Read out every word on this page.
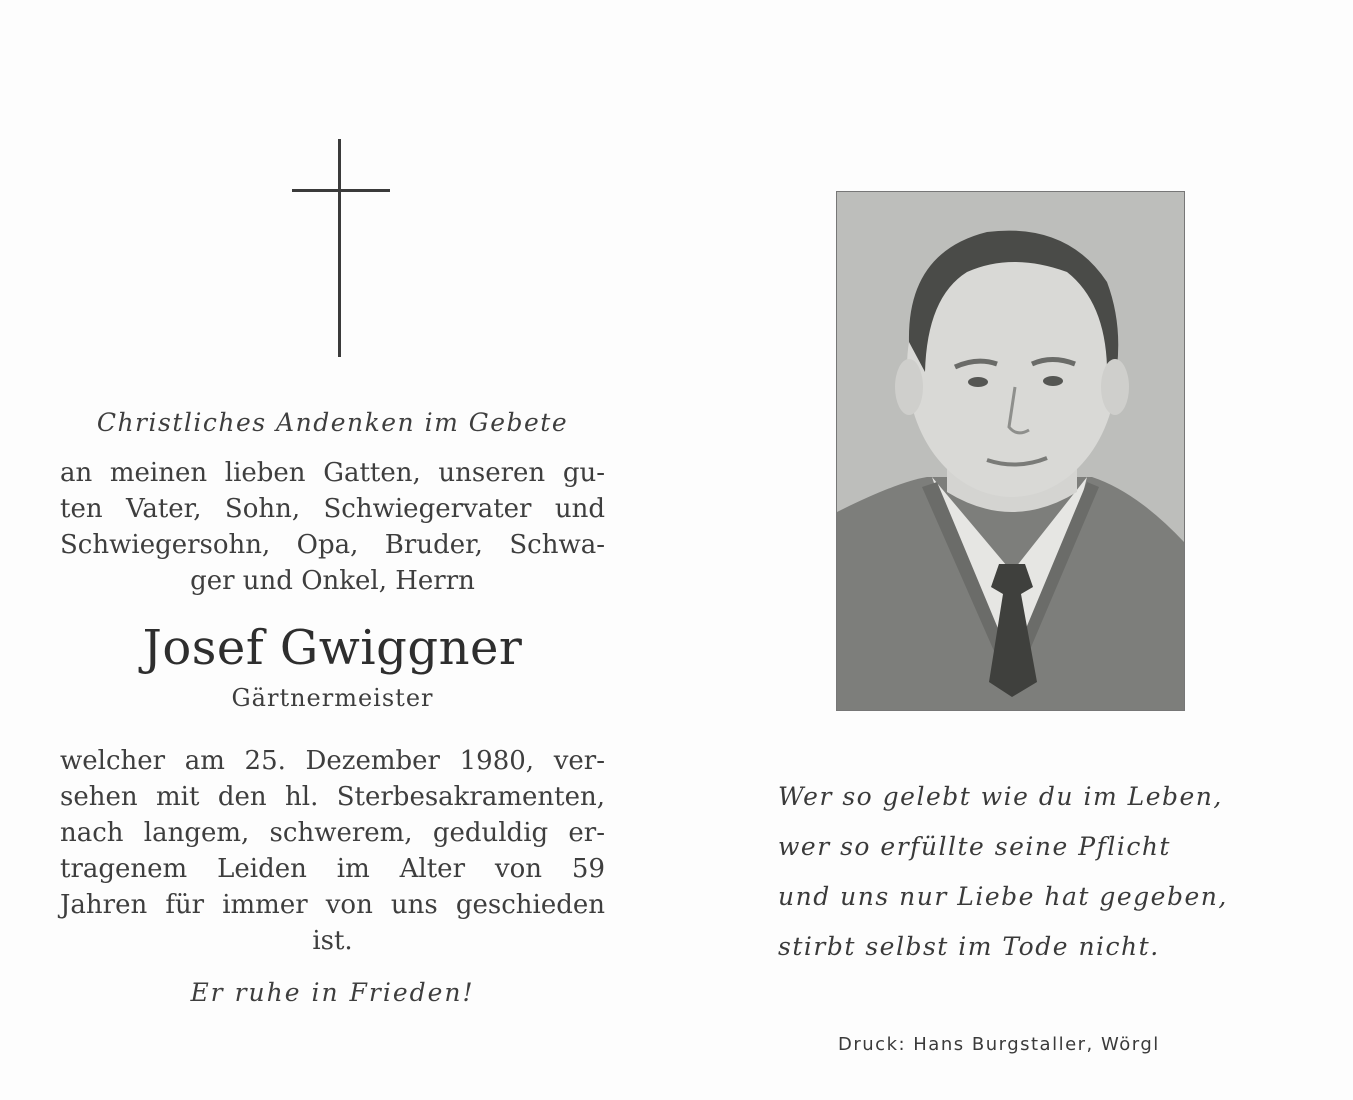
Christliches Andenken im Gebete
an meinen lieben Gatten, unseren gu-
ten Vater, Sohn, Schwiegervater und
Schwiegersohn, Opa, Bruder, Schwa-
ger und Onkel, Herrn
Josef Gwiggner
Gärtnermeister
welcher am 25. Dezember 1980, ver-
sehen mit den hl. Sterbesakramenten,
nach langem, schwerem, geduldig er-
tragenem Leiden im Alter von 59
Jahren für immer von uns geschieden
ist.
Er ruhe in Frieden!
Wer so gelebt wie du im Leben,
wer so erfüllte seine Pflicht
und uns nur Liebe hat gegeben,
stirbt selbst im Tode nicht.
Druck: Hans Burgstaller, Wörgl
